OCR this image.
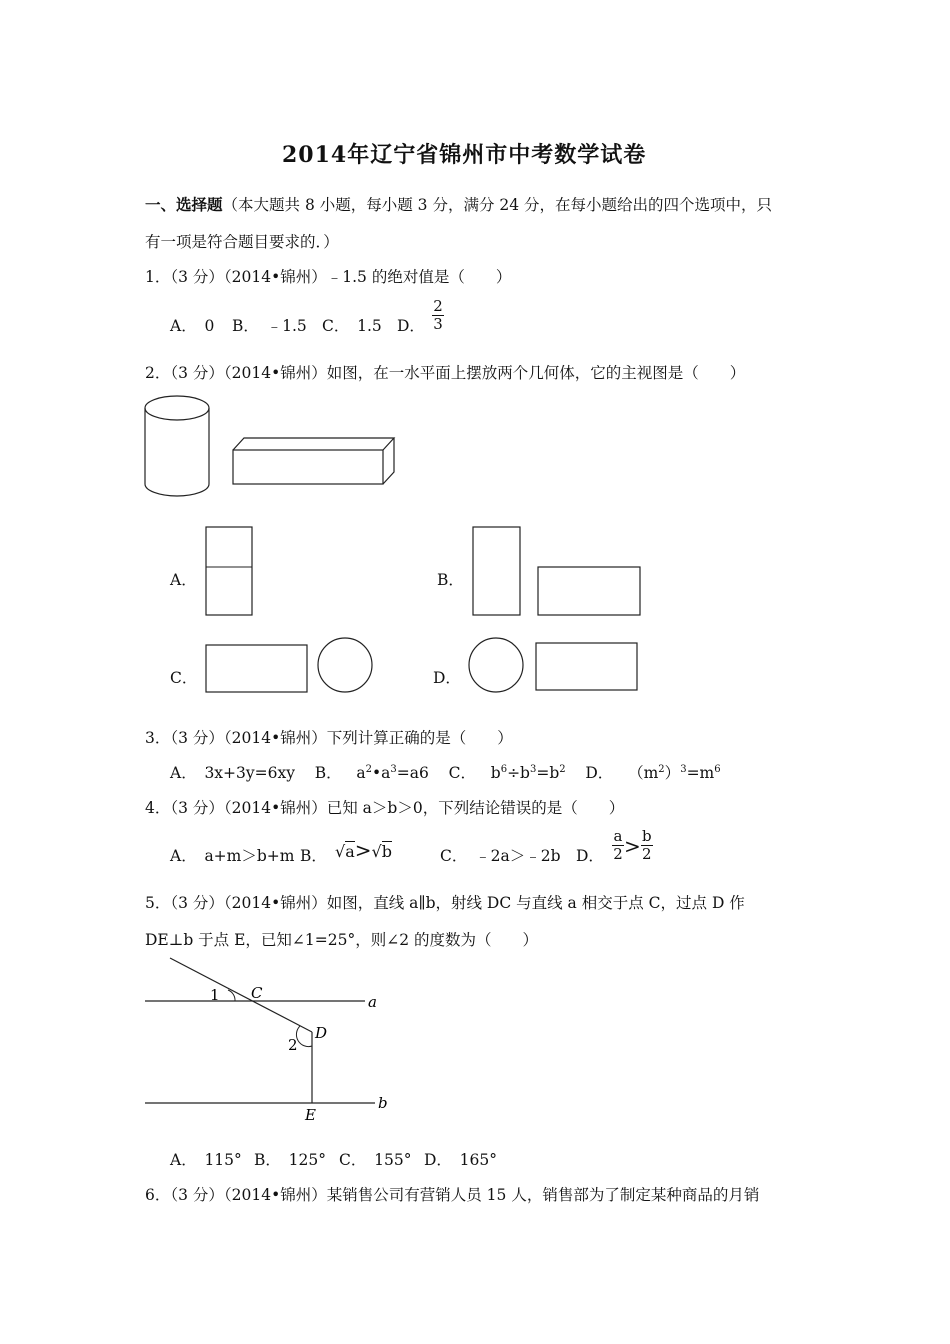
2014年辽宁省锦州市中考数学试卷
一、选择题（本大题共 8 小题，每小题 3 分，满分 24 分，在每小题给出的四个选项中，只
有一项是符合题目要求的．）
1．（3 分）（2014•锦州）﹣1.5 的绝对值是（　　）
A．　0 B．　﹣1.5 C．　1.5 D．
2
3
2．（3 分）（2014•锦州）如图，在一水平面上摆放两个几何体，它的主视图是（　　）
A．	B．
C．	D．
3．（3 分）（2014•锦州）下列计算正确的是（　　）
A．　3x+3y=6xy B． $a^2•a^3=a6$ C． $b^6\div b^3=b^2$ D． $(m^2)^3=m^6$
4．（3 分）（2014•锦州）已知 a＞b＞0，下列结论错误的是（　　）
A．　a+m＞b+m B． √a>√b	C．　﹣2a＞﹣2b D． $\frac{a}{2} > \frac{b}{2}$
5．（3 分）（2014•锦州）如图，直线 a∥b，射线 DC 与直线 a 相交于点 C，过点 D 作
DE⊥b 于点 E，已知∠1=25°，则∠2 的度数为（　　）
1 C	a
D
2
E
b
A．　115° B．　125° C．　155° D．　165°
6．（3 分）（2014•锦州）某销售公司有营销人员 15 人，销售部为了制定某种商品的月销
